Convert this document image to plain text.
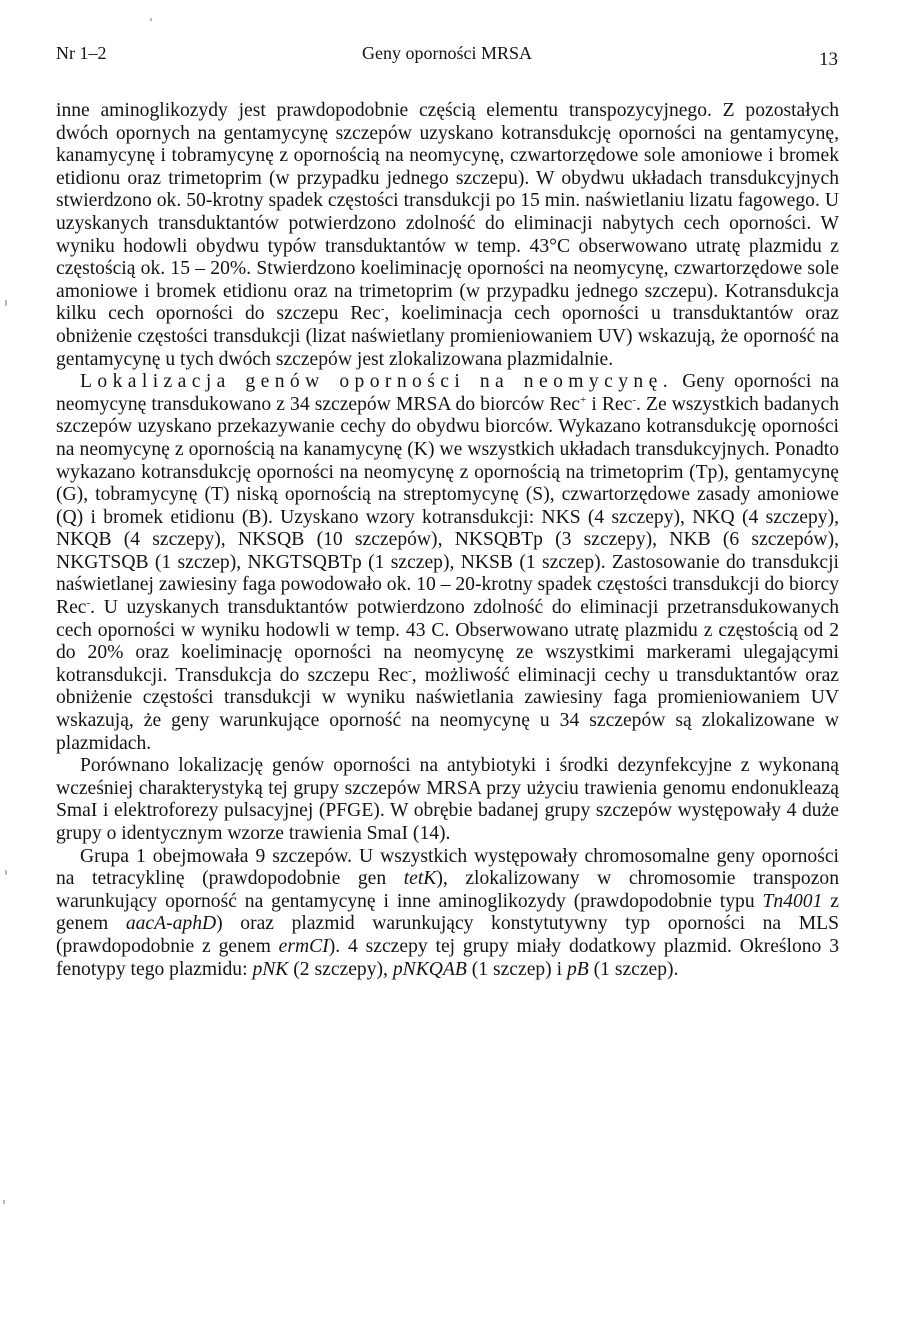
Nr 1–2	Geny oporności MRSA	13

inne aminoglikozydy jest prawdopodobnie częścią elementu transpozycyjnego. Z pozostałych dwóch opornych na gentamycynę szczepów uzyskano kotransdukcję oporności na gentamycynę, kanamycynę i tobramycynę z opornością na neomycynę, czwartorzędowe sole amoniowe i bromek etidionu oraz trimetoprim (w przypadku jednego szczepu). W obydwu układach transdukcyjnych stwierdzono ok. 50-krotny spadek częstości transdukcji po 15 min. naświetlaniu lizatu fagowego. U uzyskanych transduktantów potwierdzono zdolność do eliminacji nabytych cech oporności. W wyniku hodowli obydwu typów transduktantów w temp. 43°C obserwowano utratę plazmidu z częstością ok. 15 – 20%. Stwierdzono koeliminację oporności na neomycynę, czwartorzędowe sole amoniowe i bromek etidionu oraz na trimetoprim (w przypadku jednego szczepu). Kotransdukcja kilku cech oporności do szczepu Rec-, koeliminacja cech oporności u transduktantów oraz obniżenie częstości transdukcji (lizat naświetlany promieniowaniem UV) wskazują, że oporność na gentamycynę u tych dwóch szczepów jest zlokalizowana plazmidalnie.

Lokalizacja genów oporności na neomycynę. Geny oporności na neomycynę transdukowano z 34 szczepów MRSA do biorców Rec+ i Rec-. Ze wszystkich badanych szczepów uzyskano przekazywanie cechy do obydwu biorców. Wykazano kotransdukcję oporności na neomycynę z opornością na kanamycynę (K) we wszystkich układach transdukcyjnych. Ponadto wykazano kotransdukcję oporności na neomycynę z opornością na trimetoprim (Tp), gentamycynę (G), tobramycynę (T) niską opornością na streptomycynę (S), czwartorzędowe zasady amoniowe (Q) i bromek etidionu (B). Uzyskano wzory kotransdukcji: NKS (4 szczepy), NKQ (4 szczepy), NKQB (4 szczepy), NKSQB (10 szczepów), NKSQBTp (3 szczepy), NKB (6 szczepów), NKGTSQB (1 szczep), NKGTSQBTp (1 szczep), NKSB (1 szczep). Zastosowanie do transdukcji naświetlanej zawiesiny faga powodowało ok. 10 – 20-krotny spadek częstości transdukcji do biorcy Rec-. U uzyskanych transduktantów potwierdzono zdolność do eliminacji przetransdukowanych cech oporności w wyniku hodowli w temp. 43 C. Obserwowano utratę plazmidu z częstością od 2 do 20% oraz koeliminację oporności na neomycynę ze wszystkimi markerami ulegającymi kotransdukcji. Transdukcja do szczepu Rec-, możliwość eliminacji cechy u transduktantów oraz obniżenie częstości transdukcji w wyniku naświetlania zawiesiny faga promieniowaniem UV wskazują, że geny warunkujące oporność na neomycynę u 34 szczepów są zlokalizowane w plazmidach.

Porównano lokalizację genów oporności na antybiotyki i środki dezynfekcyjne z wykonaną wcześniej charakterystyką tej grupy szczepów MRSA przy użyciu trawienia genomu endonukleazą SmaI i elektroforezy pulsacyjnej (PFGE). W obrębie badanej grupy szczepów występowały 4 duże grupy o identycznym wzorze trawienia SmaI (14).

Grupa 1 obejmowała 9 szczepów. U wszystkich występowały chromosomalne geny oporności na tetracyklinę (prawdopodobnie gen tetK), zlokalizowany w chromosomie transpozon warunkujący oporność na gentamycynę i inne aminoglikozydy (prawdopodobnie typu Tn4001 z genem aacA-aphD) oraz plazmid warunkujący konstytutywny typ oporności na MLS (prawdopodobnie z genem ermCI). 4 szczepy tej grupy miały dodatkowy plazmid. Określono 3 fenotypy tego plazmidu: pNK (2 szczepy), pNKQAB (1 szczep) i pB (1 szczep).
